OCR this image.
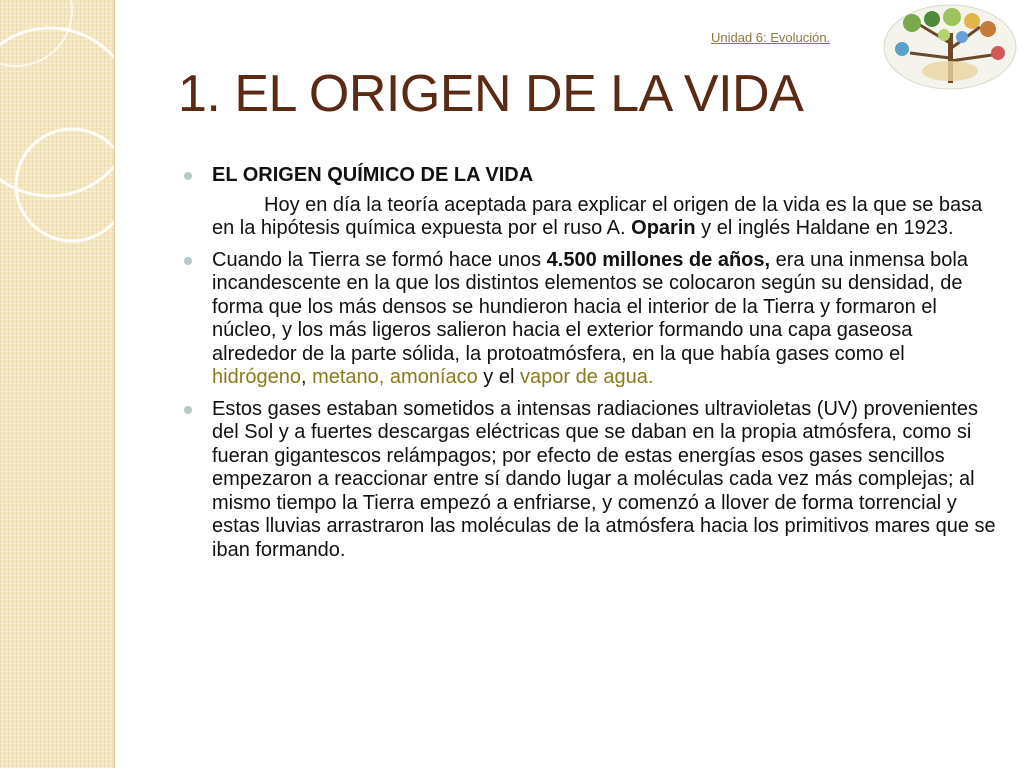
Unidad 6: Evolución.
1. EL ORIGEN DE LA VIDA
EL ORIGEN QUÍMICO DE LA VIDA

Hoy en día la teoría aceptada para explicar el origen de la vida es la que se basa en la hipótesis química expuesta por el ruso A. Oparin y el inglés Haldane en 1923.

Cuando la Tierra se formó hace unos 4.500 millones de años, era una inmensa bola incandescente en la que los distintos elementos se colocaron según su densidad, de forma que los más densos se hundieron hacia el interior de la Tierra y formaron el núcleo, y los más ligeros salieron hacia el exterior formando una capa gaseosa alrededor de la parte sólida, la protoatmósfera, en la que había gases como el hidrógeno, metano, amoníaco y el vapor de agua.

Estos gases estaban sometidos a intensas radiaciones ultravioletas (UV) provenientes del Sol y a fuertes descargas eléctricas que se daban en la propia atmósfera, como si fueran gigantescos relámpagos; por efecto de estas energías esos gases sencillos empezaron a reaccionar entre sí dando lugar a moléculas cada vez más complejas; al mismo tiempo la Tierra empezó a enfriarse, y comenzó a llover de forma torrencial y estas lluvias arrastraron las moléculas de la atmósfera hacia los primitivos mares que se iban formando.
